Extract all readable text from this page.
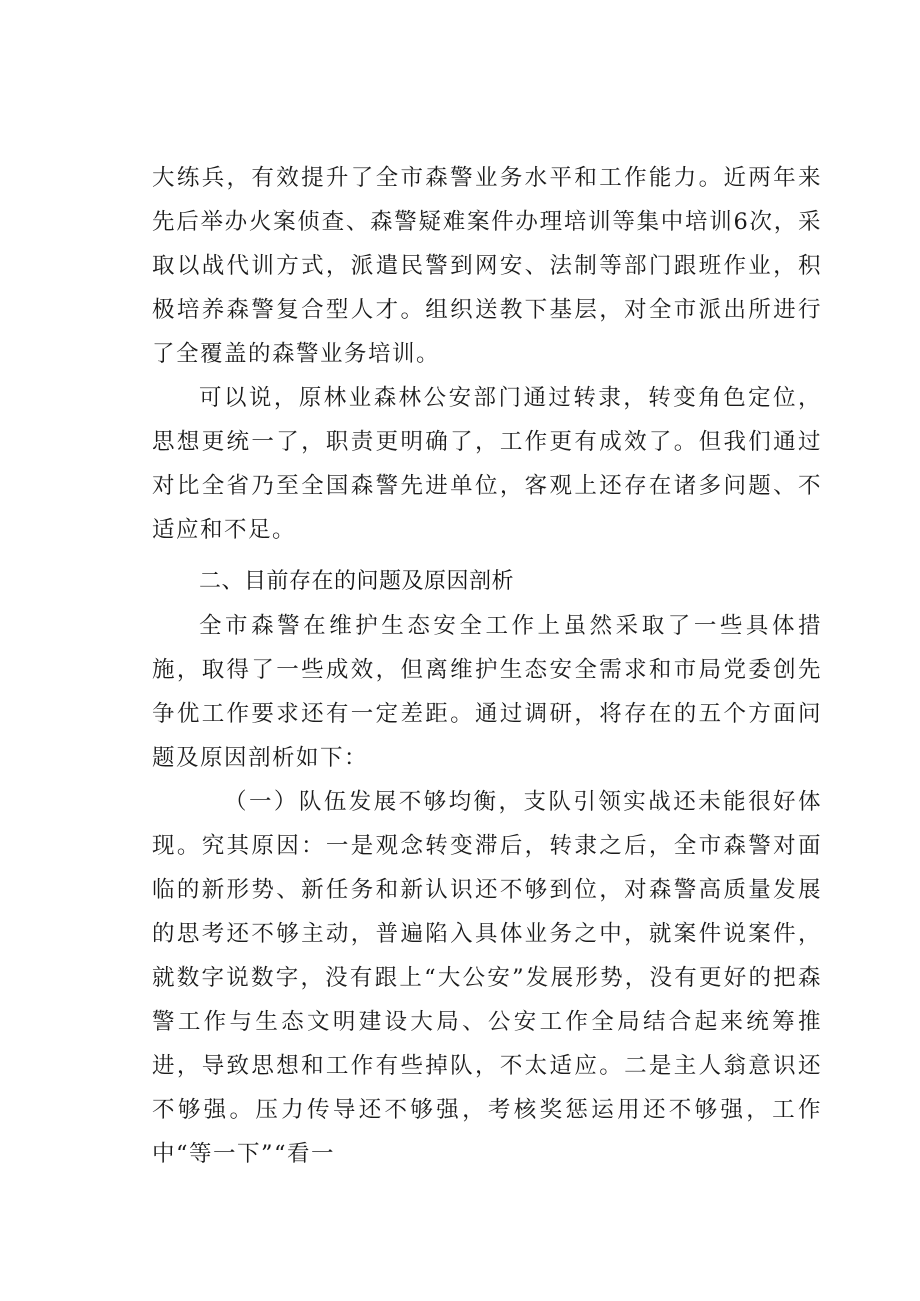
大练兵，有效提升了全市森警业务水平和工作能力。近两年来先后举办火案侦查、森警疑难案件办理培训等集中培训6次，采取以战代训方式，派遣民警到网安、法制等部门跟班作业，积极培养森警复合型人才。组织送教下基层，对全市派出所进行了全覆盖的森警业务培训。

可以说，原林业森林公安部门通过转隶，转变角色定位，思想更统一了，职责更明确了，工作更有成效了。但我们通过对比全省乃至全国森警先进单位，客观上还存在诸多问题、不适应和不足。

二、目前存在的问题及原因剖析

全市森警在维护生态安全工作上虽然采取了一些具体措施，取得了一些成效，但离维护生态安全需求和市局党委创先争优工作要求还有一定差距。通过调研，将存在的五个方面问题及原因剖析如下：

（一）队伍发展不够均衡，支队引领实战还未能很好体现。究其原因：一是观念转变滞后，转隶之后，全市森警对面临的新形势、新任务和新认识还不够到位，对森警高质量发展的思考还不够主动，普遍陷入具体业务之中，就案件说案件，就数字说数字，没有跟上“大公安”发展形势，没有更好的把森警工作与生态文明建设大局、公安工作全局结合起来统筹推进，导致思想和工作有些掉队，不太适应。二是主人翁意识还不够强。压力传导还不够强，考核奖惩运用还不够强，工作中“等一下”“看一
